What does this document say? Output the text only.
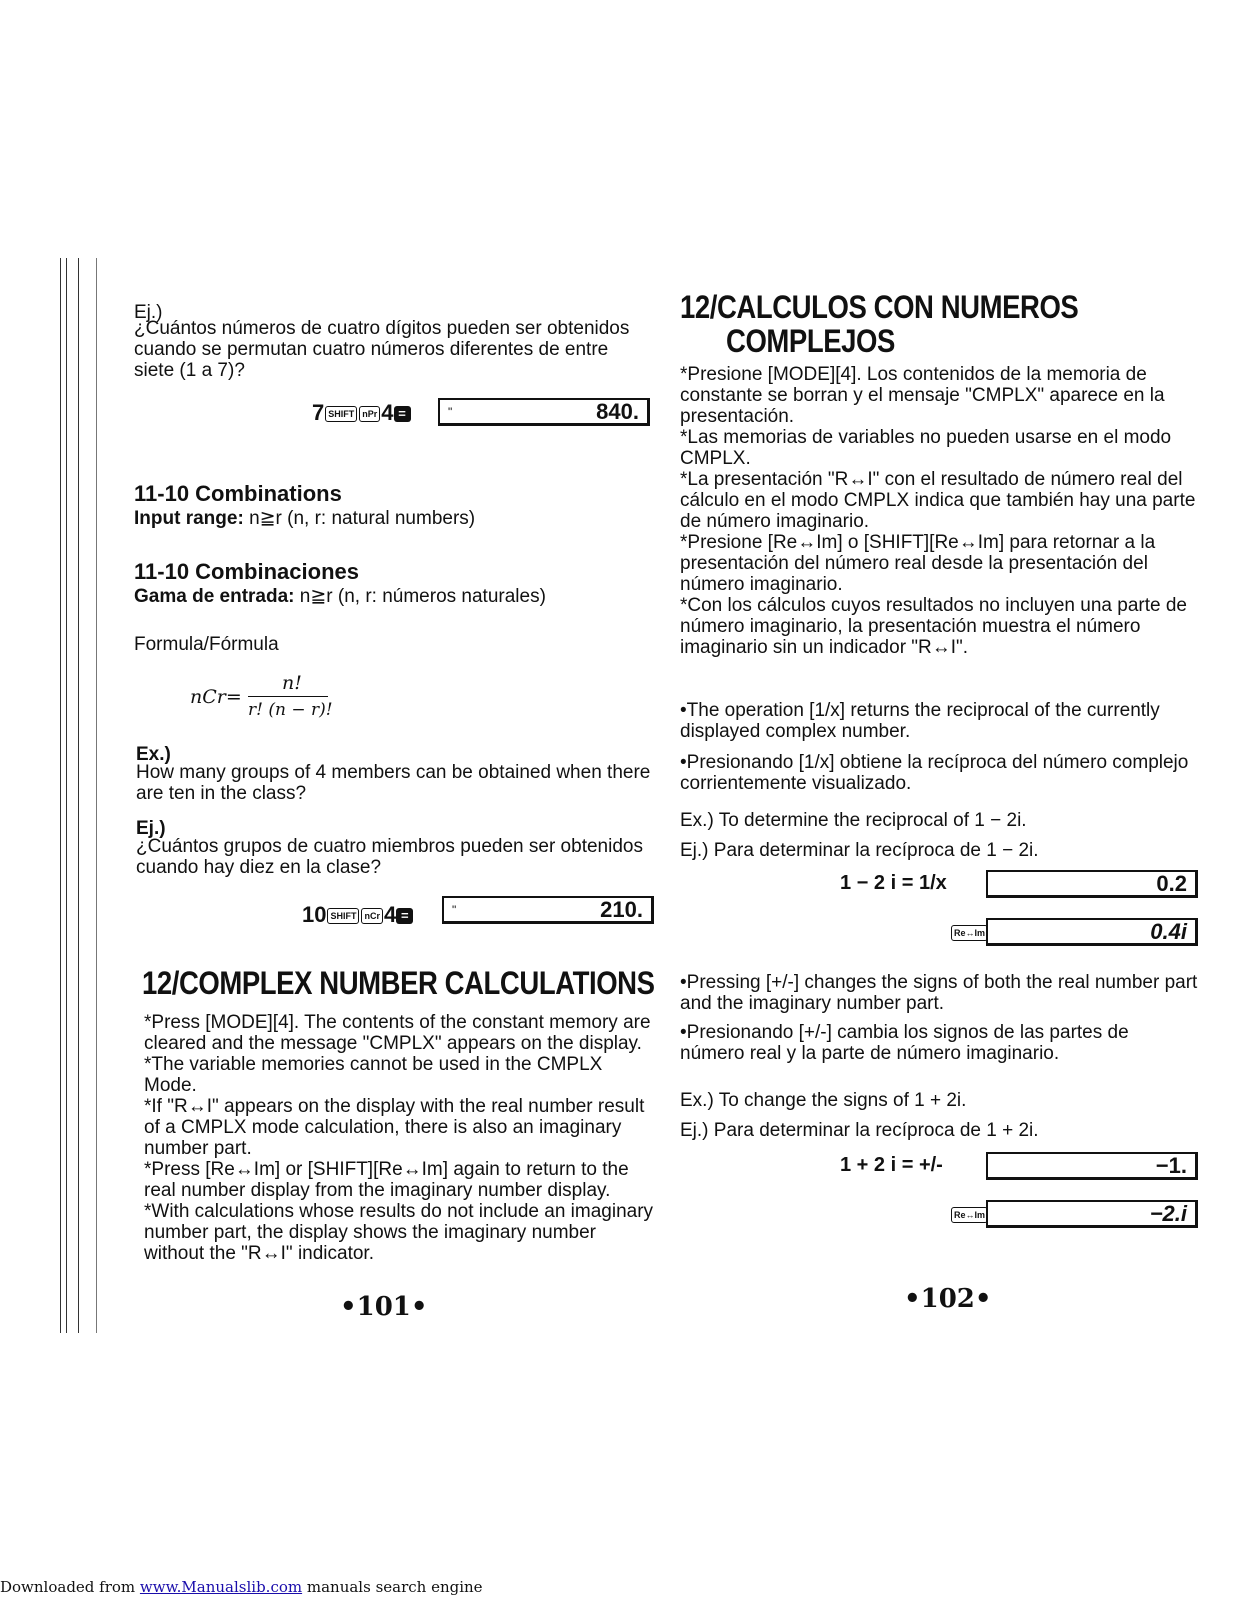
Ej.)
¿Cuántos números de cuatro dígitos pueden ser obtenidos cuando se permutan cuatro números diferentes de entre siete (1 a 7)?
7 SHIFT nPr 4 =	"	840.
11-10 Combinations
Input range: n≧r (n, r: natural numbers)
11-10 Combinaciones
Gama de entrada: n≧r (n, r: números naturales)
Formula/Fórmula
nCr=
n!
r! (n − r)!
Ex.)
How many groups of 4 members can be obtained when there are ten in the class?
Ej.)
¿Cuántos grupos de cuatro miembros pueden ser obtenidos cuando hay diez en la clase?
10 SHIFT nCr 4 =	"	210.
12/COMPLEX NUMBER CALCULATIONS
*Press [MODE][4]. The contents of the constant memory are cleared and the message "CMPLX" appears on the display.
*The variable memories cannot be used in the CMPLX Mode.
*If "R↔I" appears on the display with the real number result of a CMPLX mode calculation, there is also an imaginary number part.
*Press [Re↔Im] or [SHIFT][Re↔Im] again to return to the real number display from the imaginary number display.
*With calculations whose results do not include an imaginary number part, the display shows the imaginary number without the "R↔I" indicator.
•101•
12/CALCULOS CON NUMEROS
COMPLEJOS
*Presione [MODE][4]. Los contenidos de la memoria de constante se borran y el mensaje "CMPLX" aparece en la presentación.
*Las memorias de variables no pueden usarse en el modo CMPLX.
*La presentación "R↔I" con el resultado de número real del cálculo en el modo CMPLX indica que también hay una parte de número imaginario.
*Presione [Re↔Im] o [SHIFT][Re↔Im] para retornar a la presentación del número real desde la presentación del número imaginario.
*Con los cálculos cuyos resultados no incluyen una parte de número imaginario, la presentación muestra el número imaginario sin un indicador "R↔I".
•The operation [1/x] returns the reciprocal of the currently displayed complex number.
•Presionando [1/x] obtiene la recíproca del número complejo corrientemente visualizado.
Ex.) To determine the reciprocal of 1 − 2i.
Ej.) Para determinar la recíproca de 1 − 2i.
1 − 2 i = 1/x	0.2
Re↔Im	0.4i
•Pressing [+/-] changes the signs of both the real number part and the imaginary number part.
•Presionando [+/-] cambia los signos de las partes de número real y la parte de número imaginario.
Ex.) To change the signs of 1 + 2i.
Ej.) Para determinar la recíproca de 1 + 2i.
1 + 2 i = +/-	−1.
Re↔Im	−2.i
•102•
Downloaded from www.Manualslib.com manuals search engine
